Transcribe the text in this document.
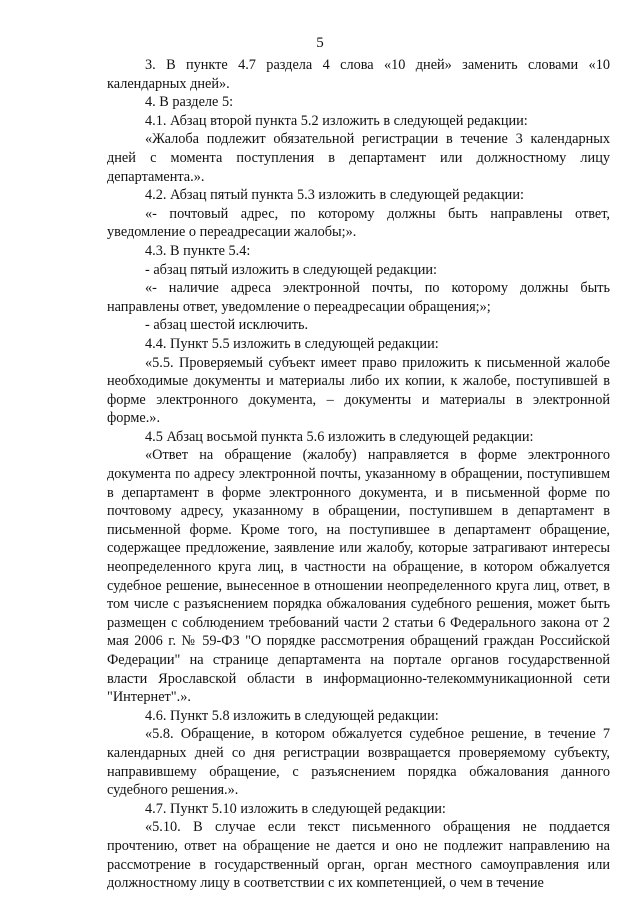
5

3. В пункте 4.7 раздела 4 слова «10 дней» заменить словами «10 календарных дней».

4. В разделе 5:

4.1. Абзац второй пункта 5.2 изложить в следующей редакции:

«Жалоба подлежит обязательной регистрации в течение 3 календарных дней с момента поступления в департамент или должностному лицу департамента.».

4.2. Абзац пятый пункта 5.3 изложить в следующей редакции:

«- почтовый адрес, по которому должны быть направлены ответ, уведомление о переадресации жалобы;».

4.3. В пункте 5.4:

- абзац пятый изложить в следующей редакции:

«- наличие адреса электронной почты, по которому должны быть направлены ответ, уведомление о переадресации обращения;»;

- абзац шестой исключить.

4.4. Пункт 5.5 изложить в следующей редакции:

«5.5. Проверяемый субъект имеет право приложить к письменной жалобе необходимые документы и материалы либо их копии, к жалобе, поступившей в форме электронного документа, – документы и материалы в электронной форме.».

4.5 Абзац восьмой пункта 5.6 изложить в следующей редакции:

«Ответ на обращение (жалобу) направляется в форме электронного документа по адресу электронной почты, указанному в обращении, поступившем в департамент в форме электронного документа, и в письменной форме по почтовому адресу, указанному в обращении, поступившем в департамент в письменной форме. Кроме того, на поступившее в департамент обращение, содержащее предложение, заявление или жалобу, которые затрагивают интересы неопределенного круга лиц, в частности на обращение, в котором обжалуется судебное решение, вынесенное в отношении неопределенного круга лиц, ответ, в том числе с разъяснением порядка обжалования судебного решения, может быть размещен с соблюдением требований части 2 статьи 6 Федерального закона от 2 мая 2006 г. № 59-ФЗ "О порядке рассмотрения обращений граждан Российской Федерации" на странице департамента на портале органов государственной власти Ярославской области в информационно-телекоммуникационной сети "Интернет".».

4.6. Пункт 5.8 изложить в следующей редакции:

«5.8. Обращение, в котором обжалуется судебное решение, в течение 7 календарных дней со дня регистрации возвращается проверяемому субъекту, направившему обращение, с разъяснением порядка обжалования данного судебного решения.».

4.7. Пункт 5.10 изложить в следующей редакции:

«5.10. В случае если текст письменного обращения не поддается прочтению, ответ на обращение не дается и оно не подлежит направлению на рассмотрение в государственный орган, орган местного самоуправления или должностному лицу в соответствии с их компетенцией, о чем в течение
